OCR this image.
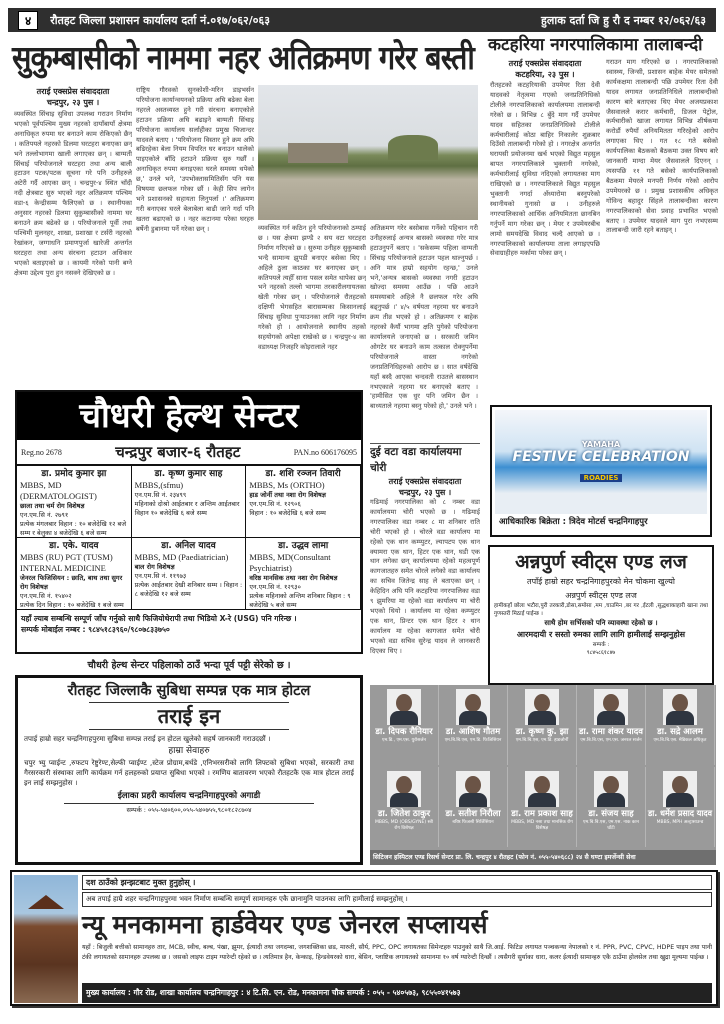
४	रौतहट जिल्ला प्रशासन कार्यालय दर्ता नं.०१७/०६२/०६३	हुलाक दर्ता जि हु रौ द नम्बर १२/०६२/६३
सुकुम्बासीको नाममा नहर अतिक्रमण गरेर बस्ती
तराई एक्सप्रेस संवाददाता
चन्द्रपुर, २३ पुस ।
व्यवस्थित सिंचाइ सुविधा उपलब्ध गराउन निर्माण भएको पूर्वपश्चिम मुख्य नहरको दायाँबायाँ क्षेत्रमा अनाधिकृत रुपमा घर बनाउने काम रोकिएको छैन् । कतिपयले नहरको डिलमा घरटहरा बनाएका छन् भने तल्लोभागमा खाली लगाएका छन् । बाग्मती सिंचाई परियोजनाले घरटहरा तथा अन्य बाली हटाउन पटक/पटक सूचना गरे पनि उनीहरुले अटेरी गर्दै आएका छन् । चन्द्रपुर-४ स्थित चाँदी नदी क्षेत्रबाट सुरु भएको नहर अतिक्रमण पश्चिम वडा-६ केन्द्रीसम्म फैलिएको छ । स्थानीयका अनुसार नहरको डिलमा सुकुम्बासीको नाममा घर बनाउने क्रम बढेको छ । परियोजनाले पूर्वी तथा पश्चिमी मुलनहर, शाखा, प्रशाखा र टर्सरी नहरको रेखांकन, जग्गाधनि प्रमाणपुर्जा खारेजी अन्तर्गत घरटहरा तथा अन्य संरचना हटाउन अधिकार भएको बताइएको छ । कायमी गरेको पानी बग्ने क्षेत्रमा उद्देश्य पुरा हुन नसक्ने देखिएको छ ।
राष्ट्रिय गौरवको सुनकोशी-मरिन डाइभर्सन परियोजना कार्यान्वयनको प्रक्रिया अघि बढेका बेला नहरले अस्तव्यस्त हुने गरी संरचना बनाएकोले हटाउन प्रक्रिया अघि बढाइने बाग्मती सिंचाइ परियोजना कार्यालय सर्लाहीका प्रमुख चिजान्दर यादवले बताए । 'परियोजना विस्तार हुने क्रम अघि बढिरहेका बेला नियम विपरित घर बनाउन थालेको पाइएकोले बाँदि हटाउने प्रक्रिया सुरु गर्छौं । अनाधिकृत रुपमा बनाइएका घरले समस्या थपेको छ,' उनले भने, 'उपभोक्तासमितिसँग पनि यस विषयमा छलफल गरेका छौं । केही सिप लागेन भने प्रशासनको सहायता लिनुपर्ला ।' अतिक्रमण गरी बनाएका घरले बेलाबेला बाढी जाने गर्दा पनि खतरा बढाएको छ । नहर कटानमा परेका घरहरु बर्षेनी डुबानमा पर्ने गरेका छन् ।	व्यवस्थित गर्न कठिन हुने परियोजनाको ठम्याई छ । यस क्षेत्रमा झण्डै २ सय वटा घरटहरा निर्माण गरिएको छ । सुरुमा उनीहरु सुकुम्बासी भन्दै सामान्य झुपडी बनाएर बसेका थिए । अहिले ठुला काठका घर बनाएका छन् । कतिपयले त्यहीँ साना पसल समेत थापेका छन् भने नहरको तल्लो भागमा तरकारीलगायतका खेती गरेका छन् । परियोजनाले रौतहटको दक्षिणी भेगसहित बारासम्मका किसानलाई सिंचाइ सुविधा पुऱ्याउनका लागि नहर निर्माण गरेको हो । आयोजनाले स्थानीय तहको सहयोगको अपेक्षा राखेको छ । चन्द्रपुर-४ का वडाध्यक्ष निजहरि कोइरालाले नहर
अतिक्रमण गरेर बसोबास गर्नेको पहिचान गरी उनीहरुलाई अन्यत्र बासको व्यवस्था गरेर मात्र हटाउनुपर्ने बताए । 'सकेसम्म पहिला वाग्मती सिंचाइ परियोजनाले हटाउन पहल थाल्नुपर्छ । अनि मात्र हाम्रो सहयोग रहन्छ,' उनले भने,'अन्यत्र बासको व्यवस्था नगरी हटाउन खोज्दा समस्या आउँछ । पछि आउने समस्याबारे अहिले नै छलफल गरेर अघि बढ्नुपर्छ ।' ४/५ वर्षयता नहरमा घर बनाउने क्रम तीव्र भएको हो । अतिक्रमण र बाहेक नहरको कैयौं भागमा क्षति पुगेको परियोजना कार्यालयले जनाएको छ । सरकारी जमिन ओगटेर घर बनाउने काम तत्काल रोक्नुपर्नेमा परियोजनाले वास्ता नगरेको जनप्रतिनिधिहरुको आरोप छ । सात वर्षदेखि यहाँ बस्दै आएका चन्दवती राउतले बासस्थान नभएकाले नहरमा घर बनाएको बताए । 'हामीसित एक धुर पनि जमिन छैन । बाध्यताले नहरमा बस्नु परेको हो,' उनले भने ।
कटहरिया नगरपालिकामा तालाबन्दी
तराई एक्सप्रेस संवाददाता
कटहरिया, २३ पुस ।
रौतहटको कटहरियाकी उपमेयर रिता देवी यादवको नेतृत्वमा गएको जनप्रतिनिधिको टोलीले नगरपालिकाको कार्यालयमा तालाबन्दी गरेको छ । विभिन्न ८ बुँदे माग गर्दै उपमेयर यादव सहितका जनप्रतिनिधिको टोलीले कर्मचारीलाई कोठा बाहिर निकालेर शुक्रबार दिउँसो तालाबन्दी गरेको हो । नगरक्षेत्र अन्तर्गत घरायसी प्रयोजनमा खर्च भएको विद्युत महसुल बापत नगरपालिकाले भुक्तानी नगरेको, कर्मचारीलाई सुविधा नदिएको लगायतका माग राखिएको छ । नगरपालिकाले विद्युत महसुल भुक्तानी नगर्दा अँध्यारोमा बस्नुपरेको स्थानीयको गुनासो छ । उनीहरुले नगरपालिकाको आर्थिक अनियमितता छानबिन गर्नुपर्ने माग गरेका छन् । मेयर र उपमेयरबीच लामो समयदेखि विवाद चल्दै आएको छ । नगरपालिकाको कार्यालयमा ताला लगाइएपछि सेवाग्राहीहरु मर्कामा परेका छन् ।
गराउन माग गरिएको छ । नगरपालिकाको स्वास्थ्य, जिन्सी, प्रशासन बाहेक मेयर समेतको कार्यकक्षमा तालाबन्दी पछि उपमेयर रिता देवी यादव लगायत जनप्रतिनिधिले तालाबन्दीको कारण बारे बताएका थिए मेयर अजयप्रकाश जैसवालले करार कर्मचारी, डिजल पेट्रोल, कर्मचारीको खाजा लगायत विभिन्न शीर्षकमा करोडौं रुपैयाँ अनियमितता गरिरहेको आरोप लगाएका थिए । गत १८ गते बसेको कार्यपालिका बैठकको बैठकमा उक्त विषय बारे जानकारी माग्दा मेयर जैसवालले दिएनन् । त्यसपछि ११ गते बसेको कार्यपालिकाको बैठकमा मेयरले मनपरी निर्णय गरेको आरोप उपमेयरको छ । प्रमुख प्रशासकीय अधिकृत गोविन्द बहादुर सिंहले तालाबन्दीका कारण नगरपालिकाको सेवा प्रवाह प्रभावित भएको बताए । उपमेयर यादवले माग पुरा नभएसम्म तालाबन्दी जारी रहने बताइन् ।
YAMAHA
FESTIVE CELEBRATION
ROADIES
आधिकारिक बिक्रेता : त्रिदेव मोटर्स चन्द्रनिगाहपुर
चौधरी हेल्थ सेन्टर
Reg.no 2678	चन्द्रपुर बजार-६ रौतहट	PAN.no 606176095
डा. प्रमोद कुमार झा
MBBS, MD (DERMATOLOGIST)
छाला तथा चर्म रोग विशेषज्ञ
एन.एम.सि नं. २७९१
प्रत्येक मंगलबार विहान : १० बजेदेखि १२ बजे सम्म र बेलुका ४ बजेदेखि ६ बजे सम्म
डा. कृष्ण कुमार साह
MBBS,(sfmu)
एन.एम.सि नं. २३४९९
महिनाको दोश्रो आईतबार र अन्तिम आईतबार विहान १० बजेदेखि ६ बजे सम्म
डा. शशि रञ्जन तिवारी
MBBS, Ms (ORTHO)
हाड जोर्नी तथा नशा रोग विशेषज्ञ
एन.एम.सि नं. १२९०६
विहान : १० बजेदेखि ६ बजे सम्म
डा. एके. यादव
MBBS (RU) PGT (TUSM) INTERNAL MEDICINE
जेनरल फिजिसियन : छाति, बाथ तथा सुगर रोग विशेषज्ञ
एन.एम.सि नं. १५४०२
प्रत्येक दिन विहान : १० बजेदेखि १ बजे सम्म
डा. अनिल यादव
MBBS, MD (Paediatrician)
बाल रोग विशेषज्ञ
एन.एम.सि नं. ११९७३
प्रत्येक आईतबार देखी शनिबार सम्म । विहान : ८ बजेदेखि १२ बजे सम्म
डा. उद्धव लामा
MBBS, MD(Consultant Psychiatrist)
वरिष्ठ मानसिक तथा नशा रोग विशेषज्ञ
एन.एम.सि नं. १२९३०
प्रत्येक महिनाको अन्तिम शनिबार विहान : ९ बजेदेखि ५ बजे सम्म
यहाँ ल्याब सम्बन्धि सम्पूर्ण जाँच गर्नुको साथै फिजियोथेरापी तथा भिडियो X-रे (USG) पनि गरिन्छ ।
सम्पर्क मोबाईल नम्बर : ९८४५१८३९६०/९८०७८३३७५०
चौधरी हेल्थ सेन्टर पहिलाको ठाउँ भन्दा पूर्व पट्टी सेरेको छ ।
दुई वटा वडा कार्यालयमा चोरी
तराई एक्सप्रेस संवाददाता
चन्द्रपुर, २३ पुस ।
गढिमाई नगरपालिका को ८ नम्बर वडा कार्यालयमा चोरी भएको छ । गढिमाई नगरपालिका वडा नम्बर ८ मा शनिबार राति चोरी भएको हो । चोरले वडा कार्यालय मा रहेको एक थान कम्प्युटर, ल्यापटप एक थान क्यामरा एक थान, हिटर एक थान, घडी एक थान लगेका छन् कार्यालयमा रहेको महत्वपूर्ण कागजातहरु समेत चोरले लगेको वडा कार्यालय का सचिव जितेन्द्र साह ले बताएका छन् । केहिदिन अघि पनि कटहरिया नगरपालिका वडा ९ झुमरिया मा रहेको वडा कार्यालय मा चोरी भएको थियो । कार्यालय मा रहेका कम्प्युटर एक थान, प्रिन्टर एक थान हिटर २ थान कार्यालय मा रहेका कागजात समेत चोरी भएको वडा सचिव सुरेन्द्र यादव ले जानकारी दिएका थिए ।
अन्नपुर्ण स्वीट्स एण्ड लज
तपाँई हाम्रो सहर चन्द्रनिगाहपुरको मेन चोकमा खुल्यो
अन्नपुर्ण स्वीट्स एण्ड लज
हामीकहाँ छोला भटौरा,पुरी तरकारी,डोसा,समोसा ,मम ,चाउमिन ,बर गर ,ईटली ,सुद्धशाकाहारी खाना तथा गुणस्तरी मिठाई पाईन्छ ।
साथै होम सर्भिसको पनि व्यावस्था रहेको छ ।
आरमदायी र सस्तो रुमका लागि लागि हामीलाई सम्झनुहोस
सम्पर्क :
९८४५८६१८४७
रौतहट जिल्लाकै सुबिधा सम्पन्न एक मात्र होटल
तराई इन
तपाई हाम्रो सहर चन्द्रनिगाहपुरमा सुबिधा सम्पन्न तराई इन होटल खुलेको सहर्ष जानकारी गराउदछौं ।
हाम्रा सेवाहरु
चपुर भ्यु प्वाईन्ट ,रुफटप रेष्टुरेण्ट,सेल्फी प्वाईण्ट ,स्टेज प्रोग्राम,बर्थडे ,एनिभरसरीको लागि लिफ्टको सुबिधा भएको, सरकारी तथा गैरसरकारी संस्थाका लागि कार्यक्रम गर्न हलहरुको प्रयाप्त सुबिधा भएको । रमणिय बातावरण भएको रौतहटकै एक मात्र होटल तराई इन लाई सम्झनुहोस ।
ईलाका प्रहरी कार्यालय चन्द्रनिगाहपुरको अगाडी
सम्पर्क : ०५५-५४०६००,०५५-५४०७५५,९८०१८२८७०४
सिटिजन हस्पिटल एण्ड रिसर्च सेन्टर प्रा. लि. चन्द्रपुर ४ रौतहट (फोन नं. ०५५-५४०६८८) २४ सै घण्टा इमर्जेन्सी सेवा
डा. दिपक रौनियार
एम.डि., एम.एस. युरोसर्जन
डा. आशिष गौतम
एम.बि.बि.एस, एम.डि. फिजिसियन
डा. कृष्ण कु. झा
एम.बि.बि.एस, एम.डि. हाडजोर्नी
डा. रामा शंकर यादव
एम.बि.बि.एस, एम.एस. जनरल सर्जन
डा. सद्रे आलम
एम.बि.बि.एस. मेडिकल अधिकृत
डा. जितेश ठाकुर
MBBS, MD (OBS/GYNE) स्त्री रोग विशेषज्ञ
डा. सतीश निरौला
बरिष्ठ फिजसी सिर्जिसियन
डा. राम प्रकाश साह
MBBS, MD नसा तथा मानसिक रोग विशेषज्ञ
डा. संजय साह
एम.बि.बि.एस, एम.एस. नाक कान घाँटी
डा. धर्मेश प्रसाद यादव
MBBS, MPH अल्ट्रासाउन्ड
दश ठाउँको झन्झटबाट मुक्त हुनुहोस् ।
अब तपाई हाम्रै शहर चन्द्रनिगाहपुरमा भवन निर्माण सम्बन्धि सम्पूर्ण सामानहरु एकै छानामुनि पाउनका लागि हामीलाई सम्झनुहोस् ।
न्यू मनकामना हार्डवेयर एण्ड जेनरल सप्लायर्स
यहाँ : बिजुली बत्तीको सामानहरु तार, MCB, स्वीच, बल्ब, पंखा, झुमर, ईत्यादी तथा जगदम्बा, जगशक्तिका छड, मारुती, सौर्य, PPC, OPC लगायतका सिमेन्टहरु पाउनुको साथै जि.आई. फिटिङ लगायत पञ्चकन्या नेपालको १ नं. PPR, PVC, CPVC, HDPE पाइप तथा पानी टंकी लगायतको सामानहरु उपलब्ध छ । जसको लाइफ टाइम ग्यारेन्टी रहेको छ । त्यतिमात्र हैन, केन्काइ, हिन्डवेयरको धारा, बेसिन, प्लाष्टिक लगायतको सामानमा १० वर्ष ग्यारेन्टी दिन्छौं । त्यसैगरी सुर्याका धारा, कलर ईत्यादी सामान्हरु एकै ठाउँमा होलसेल तथा खुद्रा मूल्यमा पाईन्छ ।
मुख्य कार्यालय : गौर रोड, शाखा कार्यालय चन्द्रनिगाहपुर : ४ टि.सि. एन. रोड, मनकामना चौक सम्पर्क : ०५५ - ५४०५७३, ९८५५०४१५७३
